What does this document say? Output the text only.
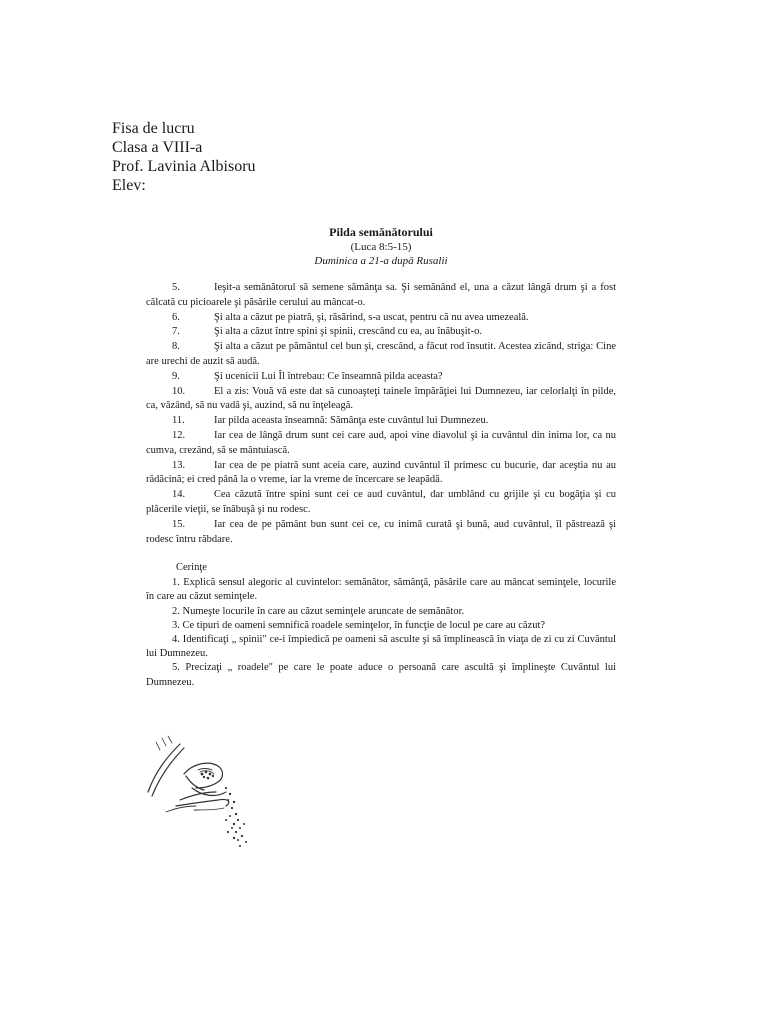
Fisa de lucru
Clasa a VIII-a
Prof. Lavinia Albisoru
Elev:
Pilda semănătorului
(Luca 8:5-15)
Duminica a 21-a după Rusalii

5.	Ieşit-a semănătorul să semene sămânţa sa. Şi semănând el, una a căzut lângă drum şi a fost călcată cu picioarele şi păsările cerului au mâncat-o.

6.	Şi alta a căzut pe piatră, şi, răsărind, s-a uscat, pentru că nu avea umezeală.

7.	Şi alta a căzut între spini şi spinii, crescând cu ea, au înăbuşit-o.

8.	Şi alta a căzut pe pământul cel bun şi, crescând, a făcut rod însutit. Acestea zicând, striga: Cine are urechi de auzit să audă.

9.	Şi ucenicii Lui Îl întrebau: Ce înseamnă pilda aceasta?

10.	El a zis: Vouă vă este dat să cunoaşteţi tainele împărăţiei lui Dumnezeu, iar celorlalţi în pilde, ca, văzând, să nu vadă şi, auzind, să nu înţeleagă.

11.	Iar pilda aceasta înseamnă: Sămânţa este cuvântul lui Dumnezeu.

12.	Iar cea de lângă drum sunt cei care aud, apoi vine diavolul şi ia cuvântul din inima lor, ca nu cumva, crezând, să se mântuiască.

13.	Iar cea de pe piatră sunt aceia care, auzind cuvântul îl primesc cu bucurie, dar aceştia nu au rădăcină; ei cred până la o vreme, iar la vreme de încercare se leapădă.

14.	Cea căzută între spini sunt cei ce aud cuvântul, dar umblând cu grijile şi cu bogăţia şi cu plăcerile vieţii, se înăbuşă şi nu rodesc.

15.	Iar cea de pe pământ bun sunt cei ce, cu inimă curată şi bună, aud cuvântul, îl păstrează şi rodesc întru răbdare.

Cerinţe

1. Explică sensul alegoric al cuvintelor: semănător, sămânţă, păsările care au mâncat seminţele, locurile în care au căzut seminţele.

2. Numeşte locurile în care au căzut seminţele aruncate de semănător.

3. Ce tipuri de oameni semnifică roadele seminţelor, în funcţie de locul pe care au căzut?

4. Identificaţi „ spinii" ce-i împiedică pe oameni să asculte şi să împlinească în viaţa de zi cu zi Cuvântul lui Dumnezeu.

5. Precizaţi „ roadele" pe care le poate aduce o persoană care ascultă şi împlineşte Cuvântul lui Dumnezeu.
